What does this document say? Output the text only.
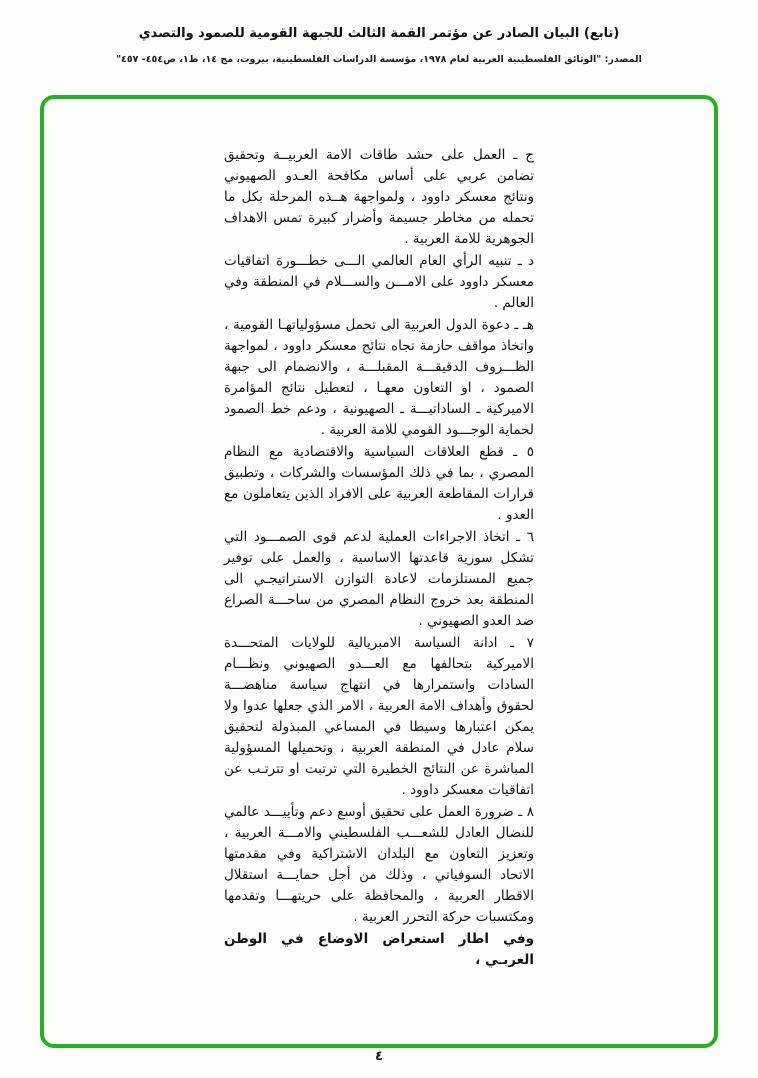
(تابع) البيان الصادر عن مؤتمر القمة الثالث للجبهة القومية للصمود والتصدي
المصدر: "الوثائق الفلسطينية العربية لعام ١٩٧٨، مؤسسة الدراسات الفلسطينية، بيروت، مج ١٤، ط١، ص٤٥٤- ٤٥٧"

ج ـ العمل على حشد طاقات الامة العربيــة وتحقيق تضامن عربي على أساس مكافحة العـدو الصهيوني ونتائج معسكر داوود ، ولمواجهة هــذه المرحلة بكل ما تحمله من مخاطر جسيمة وأضرار كبيرة تمس الاهداف الجوهرية للامة العربية .

د ـ تنبيه الرأي العام العالمي الـــى خطـــورة اتفاقيات معسكر داوود على الامـــن والســـلام في المنطقة وفي العالم .

هـ ـ دعوة الدول العربية الى تحمل مسؤولياتهـا القومية ، واتخاذ مواقف حازمة تجاه نتائج معسكر داوود ، لمواجهة الظـــروف الدقيقـــة المقبلـــة ، والانضمام الى جبهة الصمود ، او التعاون معهـا ، لتعطيل نتائج المؤامرة الاميركية ـ الساداتيـــة ـ الصهيونية ، ودعم خط الصمود لحماية الوجـــود القومي للامة العربية .

٥ ـ قطع العلاقات السياسية والاقتصادية مع النظام المصري ، بما في ذلك المؤسسات والشركات ، وتطبيق قرارات المقاطعة العربية على الافراد الذين يتعاملون مع العدو .

٦ ـ اتخاذ الاجراءات العملية لدعم قوى الصمـــود التي تشكل سورية قاعدتها الاساسية ، والعمل على توفير جميع المستلزمات لاعادة التوازن الاستراتيجـي الى المنطقة بعد خروج النظام المصري من ساحـــة الصراع ضد العدو الصهيوني .

٧ ـ ادانة السياسة الامبريالية للولايات المتحـــدة الاميركية بتحالفها مع العـــدو الصهيوني ونظـــام السادات واستمرارها في انتهاج سياسة مناهضـــة لحقوق وأهداف الامة العربية ، الامر الذي جعلها عدوا ولا يمكن اعتبارها وسيطا في المساعي المبذولة لتحقيق سلام عادل في المنطقة العربية ، وتحميلها المسؤولية المباشرة عن النتائج الخطيرة التي ترتبت او تترتـب عن اتفاقيات معسكر داوود .

٨ ـ ضرورة العمل على تحقيق أوسع دعم وتأييـــد عالمي للنضال العادل للشعـــب الفلسطيني والامـــة العربية ، وتعزيز التعاون مع البلدان الاشتراكية وفي مقدمتها الاتحاد السوفياتي ، وذلك من أجل حمايـــة استقلال الاقطار العربية ، والمحافظة على حريتهـــا وتقدمها ومكتسبات حركة التحرر العربية .

وفي اطار استعراض الاوضاع في الوطن العربـي ،

٤
